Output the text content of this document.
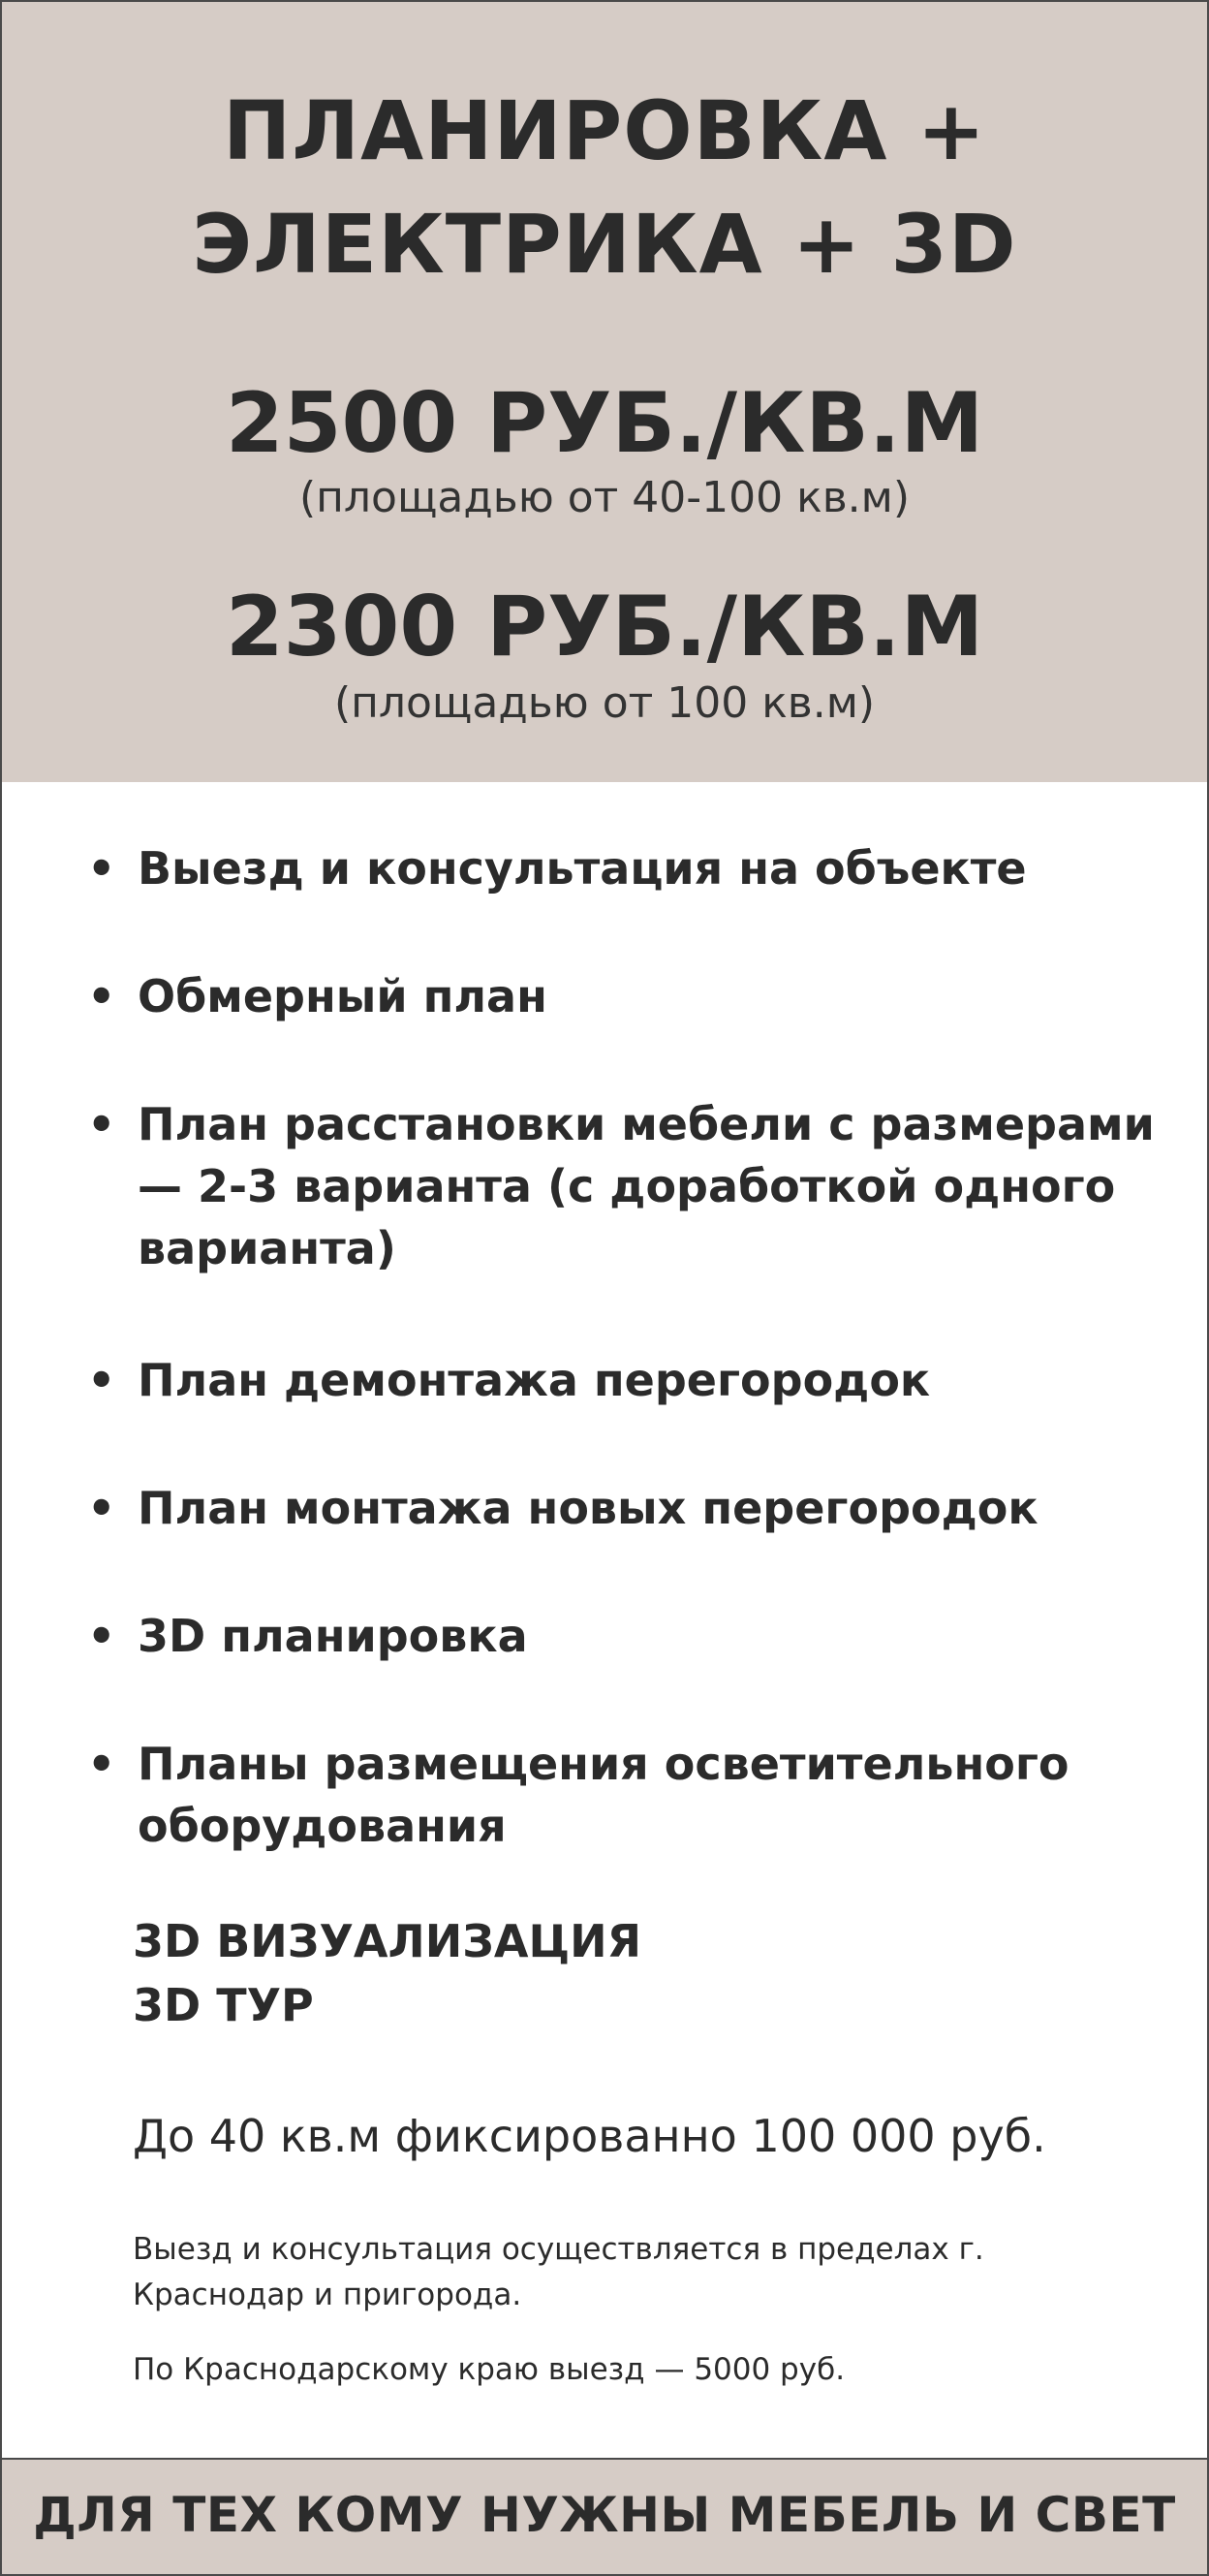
ПЛАНИРОВКА +
ЭЛЕКТРИКА + 3D
2500 РУБ./КВ.М
(площадью от 40-100 кв.м)
2300 РУБ./КВ.М
(площадью от 100 кв.м)
• Выезд и консультация на объекте
• Обмерный план
• План расстановки мебели с размерами — 2-3 варианта (с доработкой одного варианта)
• План демонтажа перегородок
• План монтажа новых перегородок
• 3D планировка
• Планы размещения осветительного оборудования
3D ВИЗУАЛИЗАЦИЯ
3D ТУР
До 40 кв.м фиксированно 100 000 руб.
Выезд и консультация осуществляется в пределах г. Краснодар и пригорода.
По Краснодарскому краю выезд — 5000 руб.
ДЛЯ ТЕХ КОМУ НУЖНЫ МЕБЕЛЬ И СВЕТ
